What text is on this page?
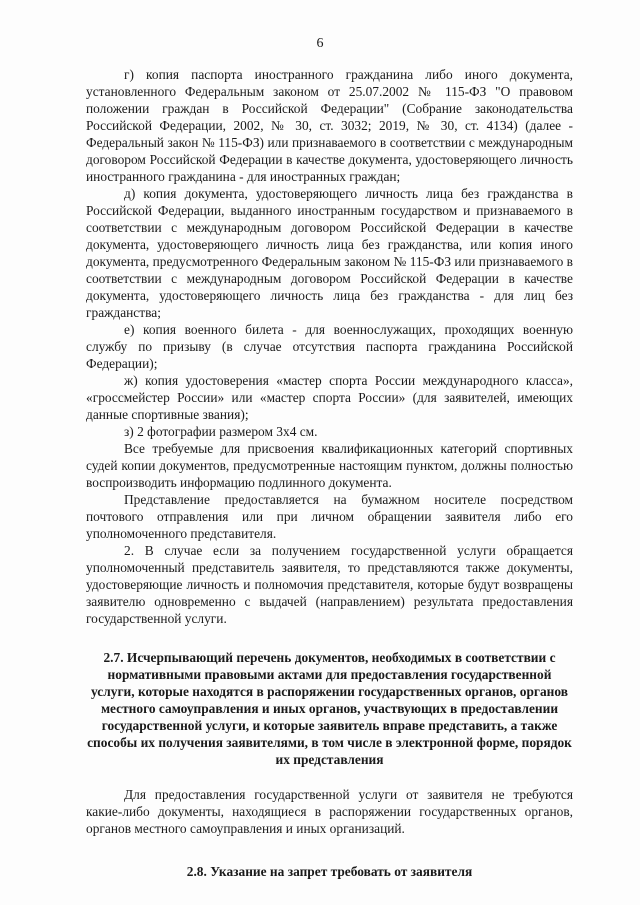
6

г) копия паспорта иностранного гражданина либо иного документа, установленного Федеральным законом от 25.07.2002 № 115-ФЗ "О правовом положении граждан в Российской Федерации" (Собрание законодательства Российской Федерации, 2002, № 30, ст. 3032; 2019, № 30, ст. 4134) (далее - Федеральный закон № 115-ФЗ) или признаваемого в соответствии с международным договором Российской Федерации в качестве документа, удостоверяющего личность иностранного гражданина - для иностранных граждан;

д) копия документа, удостоверяющего личность лица без гражданства в Российской Федерации, выданного иностранным государством и признаваемого в соответствии с международным договором Российской Федерации в качестве документа, удостоверяющего личность лица без гражданства, или копия иного документа, предусмотренного Федеральным законом № 115-ФЗ или признаваемого в соответствии с международным договором Российской Федерации в качестве документа, удостоверяющего личность лица без гражданства - для лиц без гражданства;

е) копия военного билета - для военнослужащих, проходящих военную службу по призыву (в случае отсутствия паспорта гражданина Российской Федерации);

ж) копия удостоверения «мастер спорта России международного класса», «гроссмейстер России» или «мастер спорта России» (для заявителей, имеющих данные спортивные звания);

з) 2 фотографии размером 3х4 см.

Все требуемые для присвоения квалификационных категорий спортивных судей копии документов, предусмотренные настоящим пунктом, должны полностью воспроизводить информацию подлинного документа.

Представление предоставляется на бумажном носителе посредством почтового отправления или при личном обращении заявителя либо его уполномоченного представителя.

2. В случае если за получением государственной услуги обращается уполномоченный представитель заявителя, то представляются также документы, удостоверяющие личность и полномочия представителя, которые будут возвращены заявителю одновременно с выдачей (направлением) результата предоставления государственной услуги.

2.7. Исчерпывающий перечень документов, необходимых в соответствии с нормативными правовыми актами для предоставления государственной услуги, которые находятся в распоряжении государственных органов, органов местного самоуправления и иных органов, участвующих в предоставлении государственной услуги, и которые заявитель вправе представить, а также способы их получения заявителями, в том числе в электронной форме, порядок их представления

Для предоставления государственной услуги от заявителя не требуются какие-либо документы, находящиеся в распоряжении государственных органов, органов местного самоуправления и иных организаций.

2.8. Указание на запрет требовать от заявителя
